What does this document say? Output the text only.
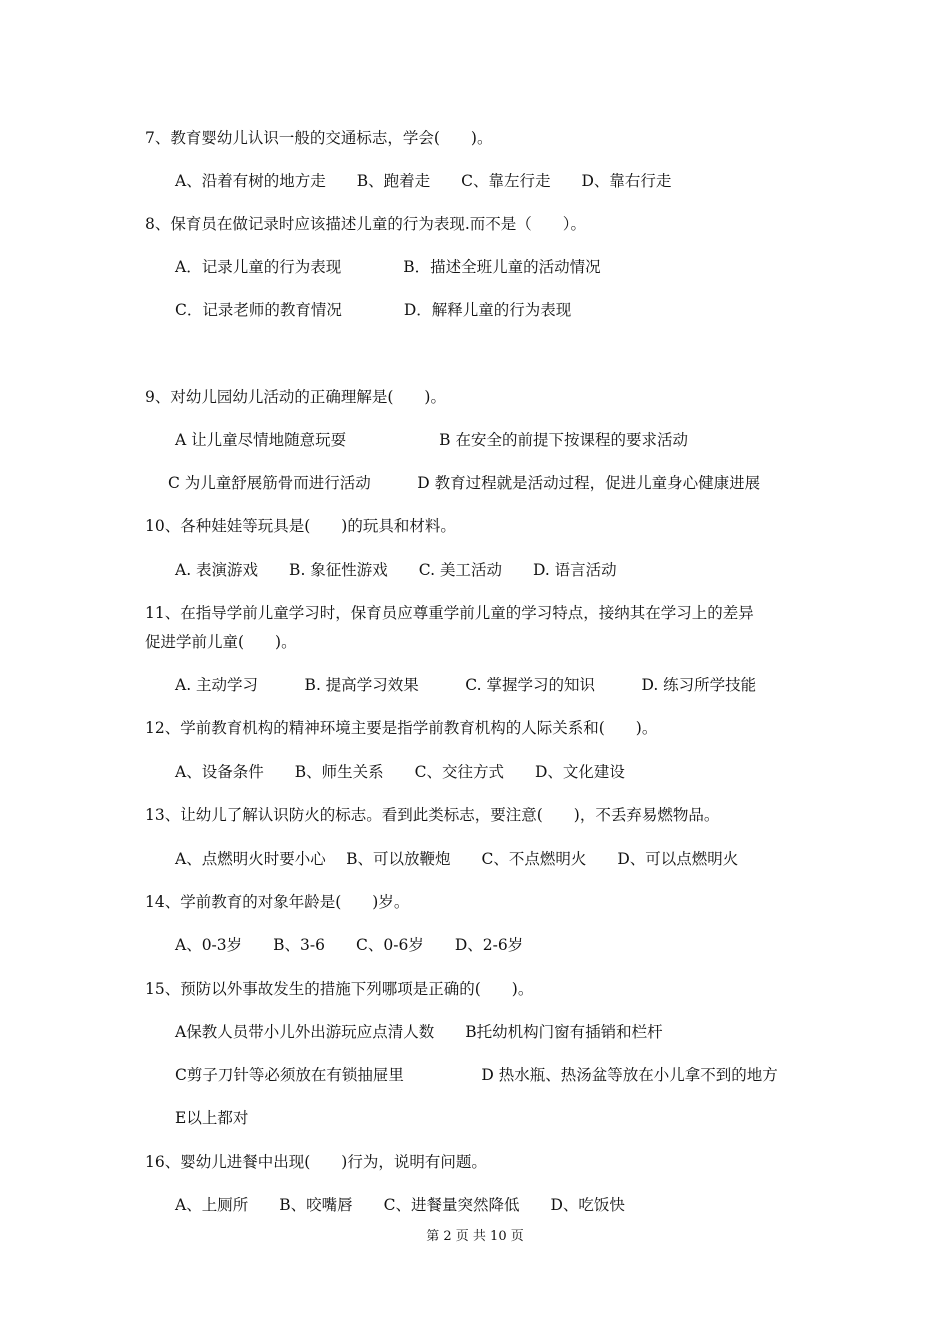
7、教育婴幼儿认识一般的交通标志，学会(　　)。
A、沿着有树的地方走　　B、跑着走　　C、靠左行走　　D、靠右行走
8、保育员在做记录时应该描述儿童的行为表现.而不是（　　）。
A．记录儿童的行为表现　　　　B．描述全班儿童的活动情况
C．记录老师的教育情况　　　　D．解释儿童的行为表现
9、对幼儿园幼儿活动的正确理解是(　　)。
A 让儿童尽情地随意玩耍　　　　　　B 在安全的前提下按课程的要求活动
C 为儿童舒展筋骨而进行活动　　　D 教育过程就是活动过程，促进儿童身心健康进展
10、各种娃娃等玩具是(　　)的玩具和材料。
A. 表演游戏　　B. 象征性游戏　　C. 美工活动　　D. 语言活动
11、在指导学前儿童学习时，保育员应尊重学前儿童的学习特点，接纳其在学习上的差异
促进学前儿童(　　)。
A. 主动学习　　　B. 提高学习效果　　　C. 掌握学习的知识　　　D. 练习所学技能
12、学前教育机构的精神环境主要是指学前教育机构的人际关系和(　　)。
A、设备条件　　B、师生关系　　C、交往方式　　D、文化建设
13、让幼儿了解认识防火的标志。看到此类标志，要注意(　　)，不丢弃易燃物品。
A、点燃明火时要小心　 B、可以放鞭炮　　C、不点燃明火　　D、可以点燃明火
14、学前教育的对象年龄是(　　)岁。
A、0-3岁　　B、3-6　　C、0-6岁　　D、2-6岁
15、预防以外事故发生的措施下列哪项是正确的(　　)。
A保教人员带小儿外出游玩应点清人数　　B托幼机构门窗有插销和栏杆
C剪子刀针等必须放在有锁抽屉里　　　　　D 热水瓶、热汤盆等放在小儿拿不到的地方
E以上都对
16、婴幼儿进餐中出现(　　)行为，说明有问题。
A、上厕所　　B、咬嘴唇　　C、进餐量突然降低　　D、吃饭快
第 2 页 共 10 页
